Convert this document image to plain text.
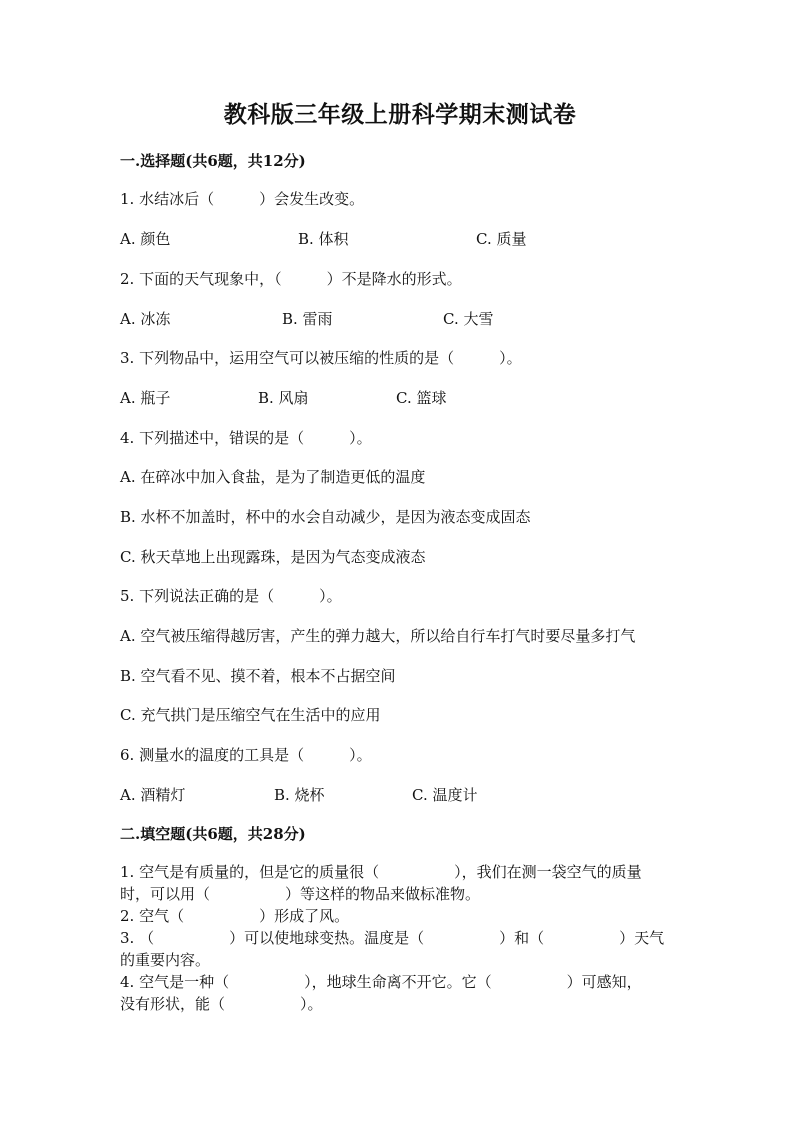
教科版三年级上册科学期末测试卷
一.选择题(共6题，共12分)
1. 水结冰后（　　　）会发生改变。
A. 颜色	B. 体积	C. 质量
2. 下面的天气现象中，（　　　）不是降水的形式。
A. 冰冻	B. 雷雨	C. 大雪
3. 下列物品中，运用空气可以被压缩的性质的是（　　　）。
A. 瓶子	B. 风扇	C. 篮球
4. 下列描述中，错误的是（　　　）。
A. 在碎冰中加入食盐，是为了制造更低的温度
B. 水杯不加盖时，杯中的水会自动减少，是因为液态变成固态
C. 秋天草地上出现露珠，是因为气态变成液态
5. 下列说法正确的是（　　　）。
A. 空气被压缩得越厉害，产生的弹力越大，所以给自行车打气时要尽量多打气
B. 空气看不见、摸不着，根本不占据空间
C. 充气拱门是压缩空气在生活中的应用
6. 测量水的温度的工具是（　　　）。
A. 酒精灯	B. 烧杯	C. 温度计
二.填空题(共6题，共28分)
1. 空气是有质量的，但是它的质量很（　　　　　），我们在测一袋空气的质量
时，可以用（　　　　　）等这样的物品来做标准物。
2. 空气（　　　　　）形成了风。
3. （　　　　　）可以使地球变热。温度是（　　　　　）和（　　　　　）天气
的重要内容。
4. 空气是一种（　　　　　），地球生命离不开它。它（　　　　　）可感知，
没有形状，能（　　　　　）。
